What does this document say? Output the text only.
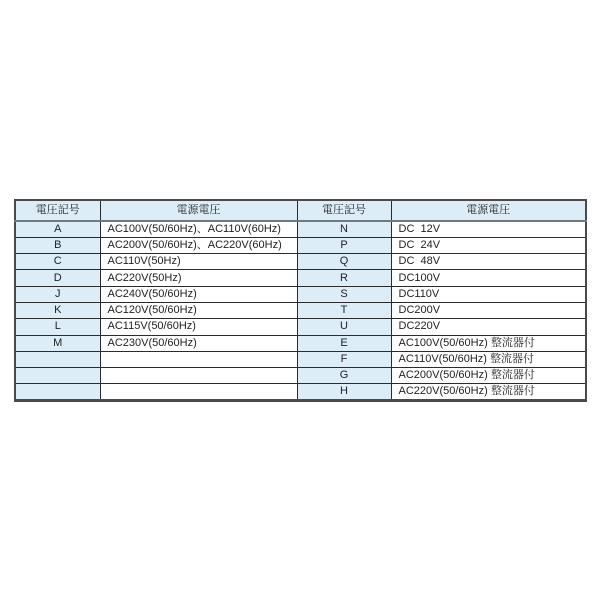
電圧記号	電源電圧	電圧記号	電源電圧
A	AC100V(50/60Hz)、AC110V(60Hz)	N	DC  12V
B	AC200V(50/60Hz)、AC220V(60Hz)	P	DC  24V
C	AC110V(50Hz)	Q	DC  48V
D	AC220V(50Hz)	R	DC100V
J	AC240V(50/60Hz)	S	DC110V
K	AC120V(50/60Hz)	T	DC200V
L	AC115V(50/60Hz)	U	DC220V
M	AC230V(50/60Hz)	E	AC100V(50/60Hz) 整流器付
		F	AC110V(50/60Hz) 整流器付
		G	AC200V(50/60Hz) 整流器付
		H	AC220V(50/60Hz) 整流器付
